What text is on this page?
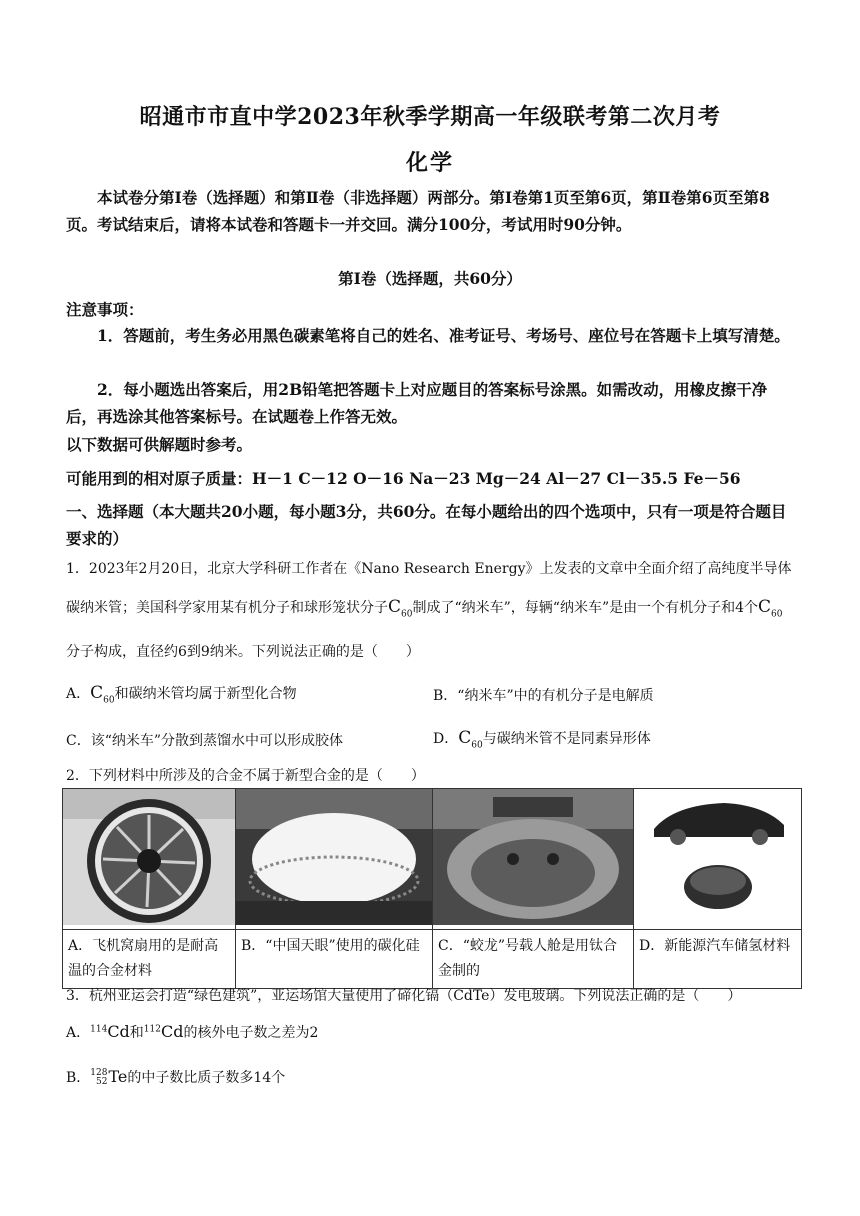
昭通市市直中学2023年秋季学期高一年级联考第二次月考
化学
本试卷分第Ⅰ卷（选择题）和第Ⅱ卷（非选择题）两部分。第Ⅰ卷第1页至第6页，第Ⅱ卷第6页至第8页。考试结束后，请将本试卷和答题卡一并交回。满分100分，考试用时90分钟。
第Ⅰ卷（选择题，共60分）
注意事项：
1．答题前，考生务必用黑色碳素笔将自己的姓名、准考证号、考场号、座位号在答题卡上填写清楚。
2．每小题选出答案后，用2B铅笔把答题卡上对应题目的答案标号涂黑。如需改动，用橡皮擦干净后，再选涂其他答案标号。在试题卷上作答无效。
以下数据可供解题时参考。
可能用到的相对原子质量：H－1 C－12 O－16 Na－23 Mg－24 Al－27 Cl－35.5 Fe－56
一、选择题（本大题共20小题，每小题3分，共60分。在每小题给出的四个选项中，只有一项是符合题目要求的）
1．2023年2月20日，北京大学科研工作者在《Nano Research Energy》上发表的文章中全面介绍了高纯度半导体碳纳米管；美国科学家用某有机分子和球形笼状分子$C_{60}$制成了“纳米车”，每辆“纳米车”是由一个有机分子和4个$C_{60}$分子构成，直径约6到9纳米。下列说法正确的是（　　）
A．$C_{60}$和碳纳米管均属于新型化合物	B．“纳米车”中的有机分子是电解质
C．该“纳米车”分散到蒸馏水中可以形成胶体	D．$C_{60}$与碳纳米管不是同素异形体
2．下列材料中所涉及的合金不属于新型合金的是（　　）

A．飞机窝扇用的是耐高温的合金材料	B．“中国天眼”使用的碳化硅	C．“蛟龙”号载人舱是用钛合金制的	D．新能源汽车储氢材料
3．杭州亚运会打造“绿色建筑”，亚运场馆大量使用了碲化镉（CdTe）发电玻璃。下列说法正确的是（　　）
A．$^{114}$Cd和$^{112}$Cd的核外电子数之差为2
B． 128
52 Te的中子数比质子数多14个
